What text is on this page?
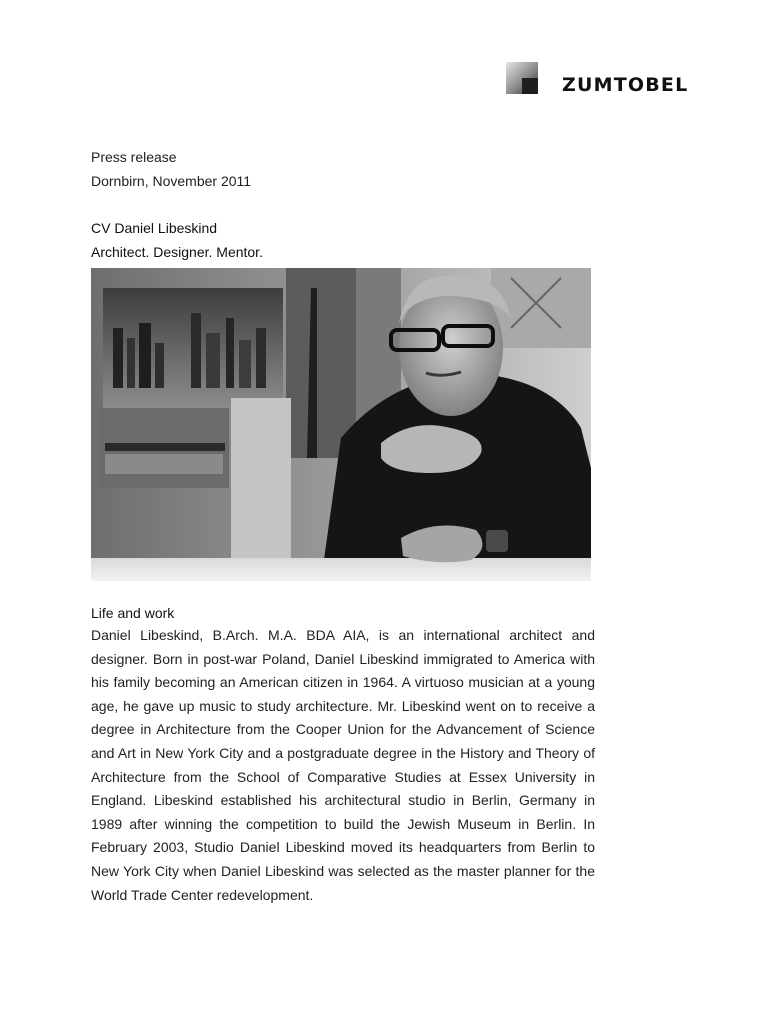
ZUMTOBEL
Press release
Dornbirn, November 2011
CV Daniel Libeskind
Architect. Designer. Mentor.
Life and work
Daniel Libeskind, B.Arch. M.A. BDA AIA, is an international architect and designer. Born in post-war Poland, Daniel Libeskind immigrated to America with his family becoming an American citizen in 1964. A virtuoso musician at a young age, he gave up music to study architecture. Mr. Libeskind went on to receive a degree in Architecture from the Cooper Union for the Advancement of Science and Art in New York City and a postgraduate degree in the History and Theory of Architecture from the School of Comparative Studies at Essex University in England. Libeskind established his architectural studio in Berlin, Germany in 1989 after winning the competition to build the Jewish Museum in Berlin. In February 2003, Studio Daniel Libeskind moved its headquarters from Berlin to New York City when Daniel Libeskind was selected as the master planner for the World Trade Center redevelopment.
